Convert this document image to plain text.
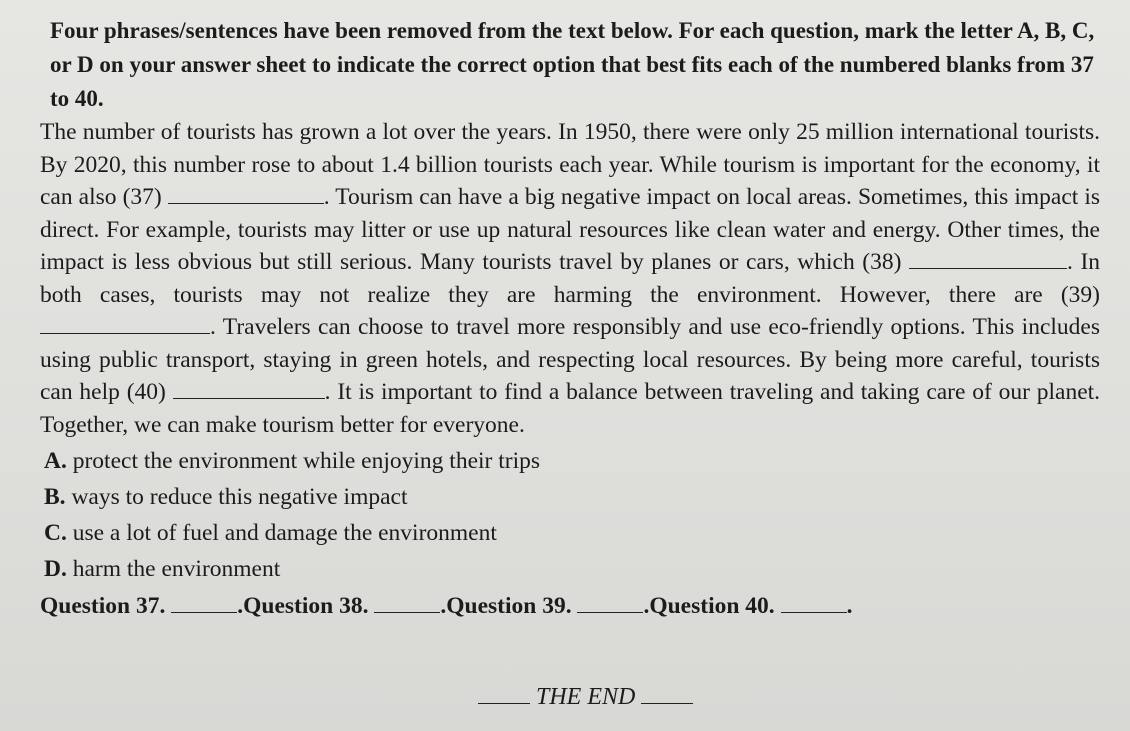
Four phrases/sentences have been removed from the text below. For each question, mark the letter A, B, C, or D on your answer sheet to indicate the correct option that best fits each of the numbered blanks from 37 to 40.

The number of tourists has grown a lot over the years. In 1950, there were only 25 million international tourists. By 2020, this number rose to about 1.4 billion tourists each year. While tourism is important for the economy, it can also (37)	. Tourism can have a big negative impact on local areas. Sometimes, this impact is direct. For example, tourists may litter or use up natural resources like clean water and energy. Other times, the impact is less obvious but still serious. Many tourists travel by planes or cars, which (38)	. In both cases, tourists may not realize they are harming the environment. However, there are (39) . Travelers can choose to travel more responsibly and use eco-friendly options. This includes using public transport, staying in green hotels, and respecting local resources. By being more careful, tourists can help (40)	. It is important to find a balance between traveling and taking care of our planet. Together, we can make tourism better for everyone.

A. protect the environment while enjoying their trips
B. ways to reduce this negative impact
C. use a lot of fuel and damage the environment
D. harm the environment
Question 37.	.Question 38.	.Question 39.	.Question 40.	.
THE END
